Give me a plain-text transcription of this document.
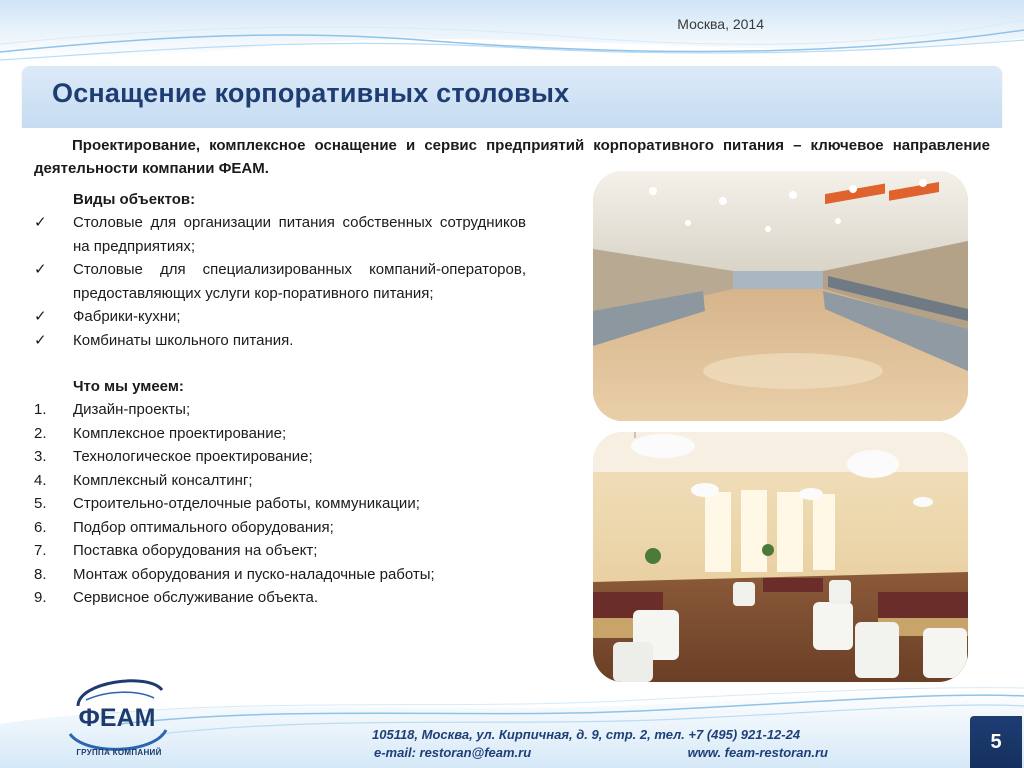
Москва, 2014
Оснащение корпоративных столовых

Проектирование, комплексное оснащение и сервис предприятий корпоративного питания – ключевое направление деятельности компании ФЕАМ.

Виды объектов:
✓ Столовые для организации питания собственных сотрудников на предприятиях;
✓ Столовые для специализированных компаний-операторов, предоставляющих услуги кор-поративного питания;
✓ Фабрики-кухни;
✓ Комбинаты школьного питания.
Что мы умеем:
1. Дизайн-проекты;
2. Комплексное проектирование;
3. Технологическое проектирование;
4. Комплексный консалтинг;
5. Строительно-отделочные работы, коммуникации;
6. Подбор оптимального оборудования;
7. Поставка оборудования на объект;
8. Монтаж оборудования и пуско-наладочные работы;
9. Сервисное обслуживание объекта.
ФЕАМ
ГРУППА КОМПАНИЙ
105118, Москва, ул. Кирпичная, д. 9, стр. 2, тел. +7 (495) 921-12-24
e-mail: restoran@feam.ru	www. feam-restoran.ru	5
